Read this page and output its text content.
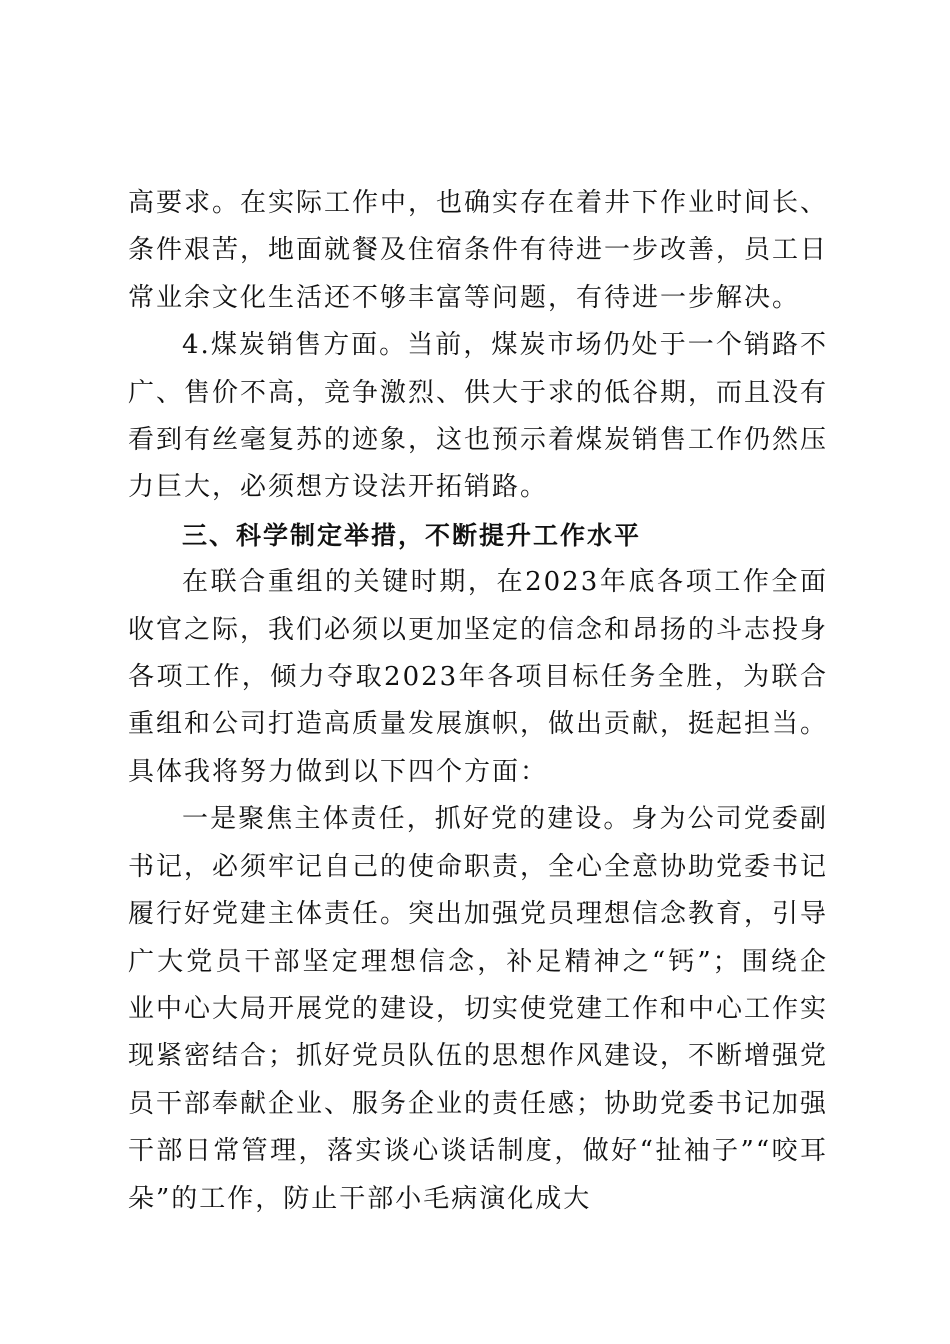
高要求。在实际工作中，也确实存在着井下作业时间长、条件艰苦，地面就餐及住宿条件有待进一步改善，员工日常业余文化生活还不够丰富等问题，有待进一步解决。

4.煤炭销售方面。当前，煤炭市场仍处于一个销路不广、售价不高，竞争激烈、供大于求的低谷期，而且没有看到有丝毫复苏的迹象，这也预示着煤炭销售工作仍然压力巨大，必须想方设法开拓销路。

三、科学制定举措，不断提升工作水平

在联合重组的关键时期，在2023年底各项工作全面收官之际，我们必须以更加坚定的信念和昂扬的斗志投身各项工作，倾力夺取2023年各项目标任务全胜，为联合重组和公司打造高质量发展旗帜，做出贡献，挺起担当。具体我将努力做到以下四个方面：

一是聚焦主体责任，抓好党的建设。身为公司党委副书记，必须牢记自己的使命职责，全心全意协助党委书记履行好党建主体责任。突出加强党员理想信念教育，引导广大党员干部坚定理想信念，补足精神之“钙”；围绕企业中心大局开展党的建设，切实使党建工作和中心工作实现紧密结合；抓好党员队伍的思想作风建设，不断增强党员干部奉献企业、服务企业的责任感；协助党委书记加强干部日常管理，落实谈心谈话制度，做好“扯袖子”“咬耳朵”的工作，防止干部小毛病演化成大
